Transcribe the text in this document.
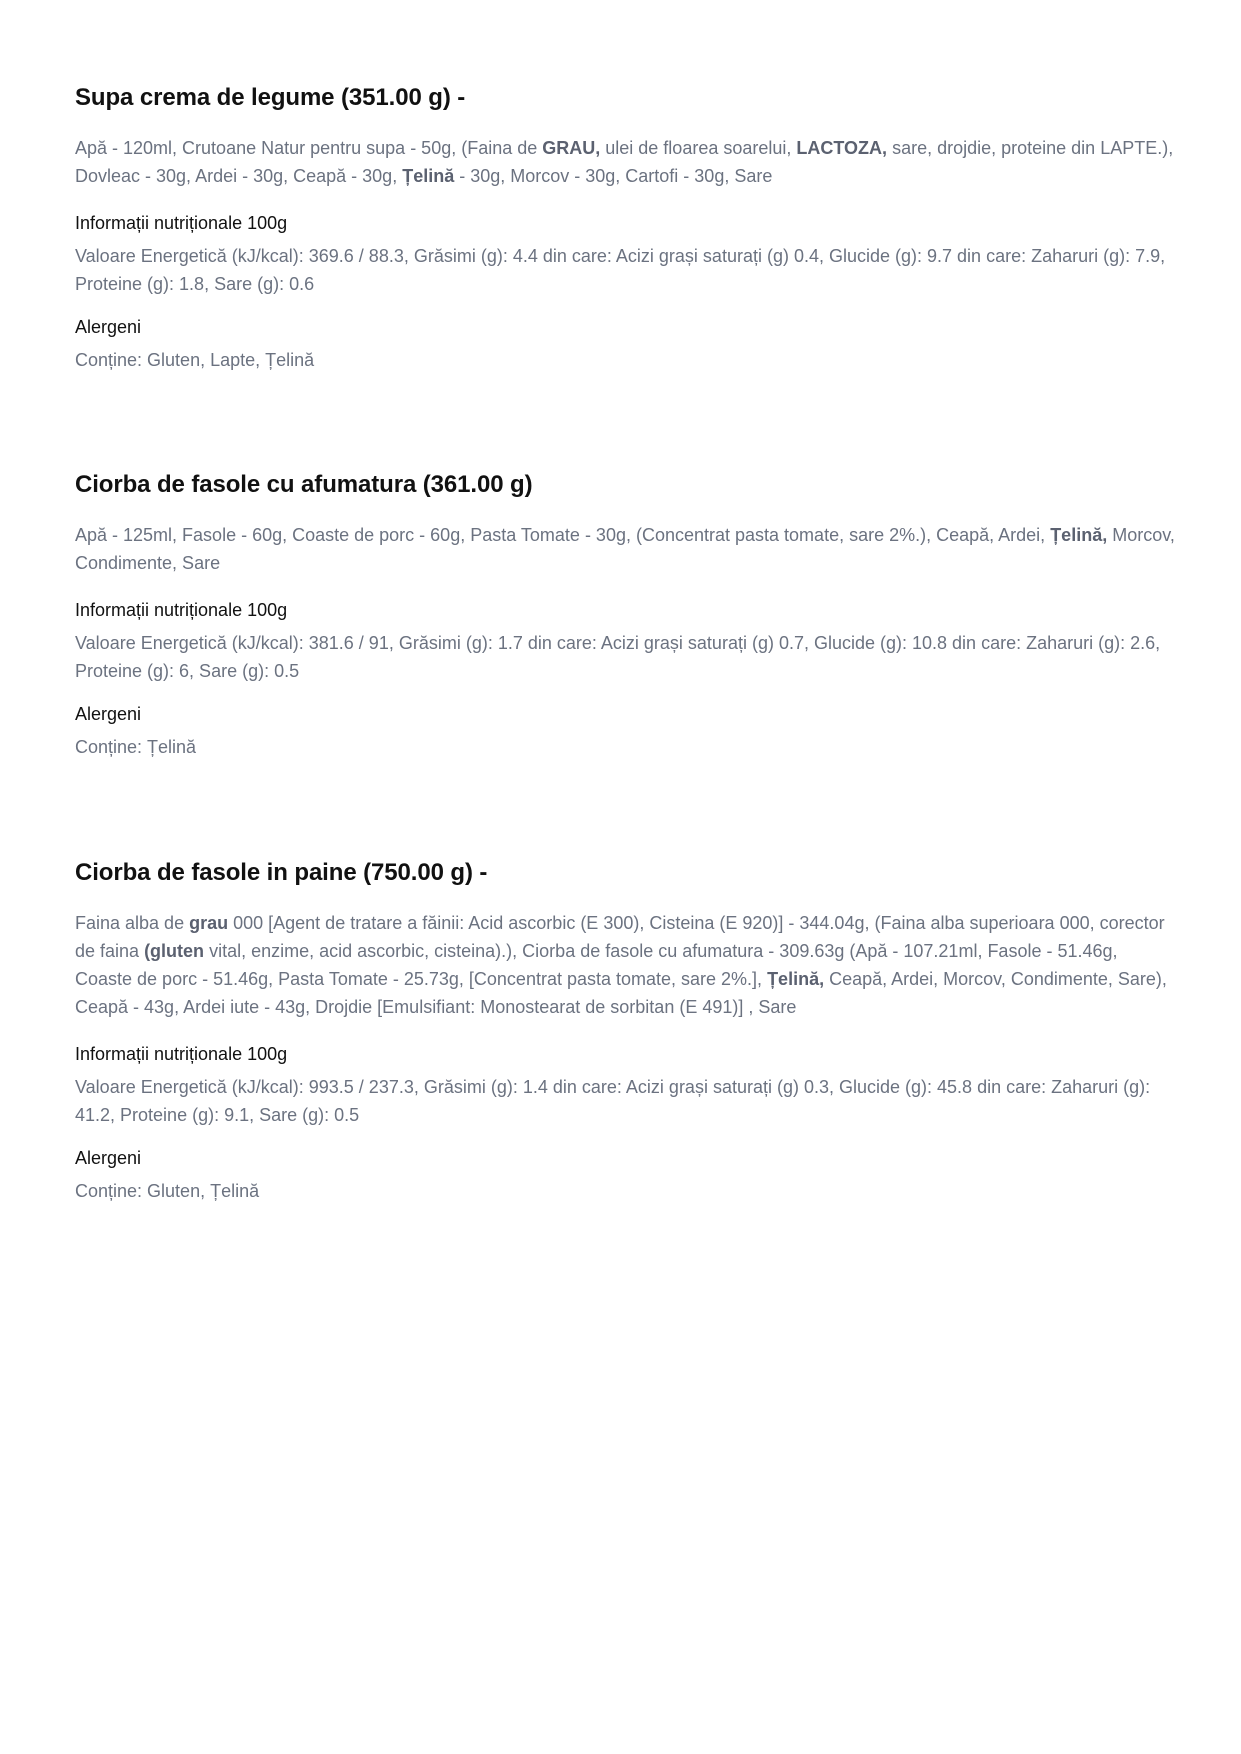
Supa crema de legume (351.00 g) -

Apă - 120ml, Crutoane Natur pentru supa - 50g, (Faina de GRAU, ulei de floarea soarelui, LACTOZA, sare, drojdie, proteine din LAPTE.), Dovleac - 30g, Ardei - 30g, Ceapă - 30g, Țelină - 30g, Morcov - 30g, Cartofi - 30g, Sare

Informații nutriționale 100g

Valoare Energetică (kJ/kcal): 369.6 / 88.3, Grăsimi (g): 4.4 din care: Acizi grași saturați (g) 0.4, Glucide (g): 9.7 din care: Zaharuri (g): 7.9, Proteine (g): 1.8, Sare (g): 0.6

Alergeni

Conține: Gluten, Lapte, Țelină

Ciorba de fasole cu afumatura (361.00 g)

Apă - 125ml, Fasole - 60g, Coaste de porc - 60g, Pasta Tomate - 30g, (Concentrat pasta tomate, sare 2%.), Ceapă, Ardei, Țelină, Morcov, Condimente, Sare

Informații nutriționale 100g

Valoare Energetică (kJ/kcal): 381.6 / 91, Grăsimi (g): 1.7 din care: Acizi grași saturați (g) 0.7, Glucide (g): 10.8 din care: Zaharuri (g): 2.6, Proteine (g): 6, Sare (g): 0.5

Alergeni

Conține: Țelină

Ciorba de fasole in paine (750.00 g) -

Faina alba de grau 000 [Agent de tratare a făinii: Acid ascorbic (E 300), Cisteina (E 920)] - 344.04g, (Faina alba superioara 000, corector de faina (gluten vital, enzime, acid ascorbic, cisteina).), Ciorba de fasole cu afumatura - 309.63g (Apă - 107.21ml, Fasole - 51.46g, Coaste de porc - 51.46g, Pasta Tomate - 25.73g, [Concentrat pasta tomate, sare 2%.], Țelină, Ceapă, Ardei, Morcov, Condimente, Sare), Ceapă - 43g, Ardei iute - 43g, Drojdie [Emulsifiant: Monostearat de sorbitan (E 491)] , Sare

Informații nutriționale 100g

Valoare Energetică (kJ/kcal): 993.5 / 237.3, Grăsimi (g): 1.4 din care: Acizi grași saturați (g) 0.3, Glucide (g): 45.8 din care: Zaharuri (g): 41.2, Proteine (g): 9.1, Sare (g): 0.5

Alergeni

Conține: Gluten, Țelină
